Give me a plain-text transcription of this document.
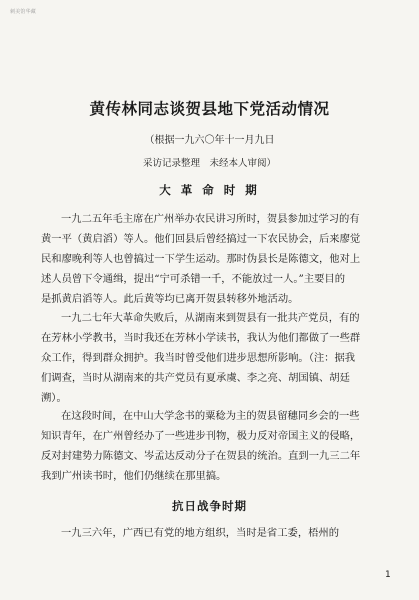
刺美馆华藏
黄传林同志谈贺县地下党活动情况
（根据一九六〇年十一月九日
采访记录整理　未经本人审阅）
大 革 命 时 期
一九二五年毛主席在广州举办农民讲习所时，贺县参加过学习的有
黄一平（黄启滔）等人。他们回县后曾经搞过一下农民协会，后来廖觉
民和廖晚利等人也曾搞过一下学生运动。那时伪县长是陈德文，他对上
述人员曾下令通缉，提出“宁可杀错一千，不能放过一人。”主要目的
是抓黄启滔等人。此后黄等均已离开贺县转移外地活动。
一九二七年大革命失败后，从湖南来到贺县有一批共产党员，有的
在芳林小学教书，当时我还在芳林小学读书，我认为他们都做了一些群
众工作，得到群众拥护。我当时曾受他们进步思想所影响。（注：据我
们调查，当时从湖南来的共产党员有夏承虞、李之亮、胡国镇、胡廷
溯）。
在这段时间，在中山大学念书的粟稔为主的贺县留穗同乡会的一些
知识青年，在广州曾经办了一些进步刊物，极力反对帝国主义的侵略，
反对封建势力陈德文、岑孟达反动分子在贺县的统治。直到一九三二年
我到广州读书时，他们仍继续在那里搞。
抗日战争时期
一九三六年，广西已有党的地方组织，当时是省工委，梧州的
1
